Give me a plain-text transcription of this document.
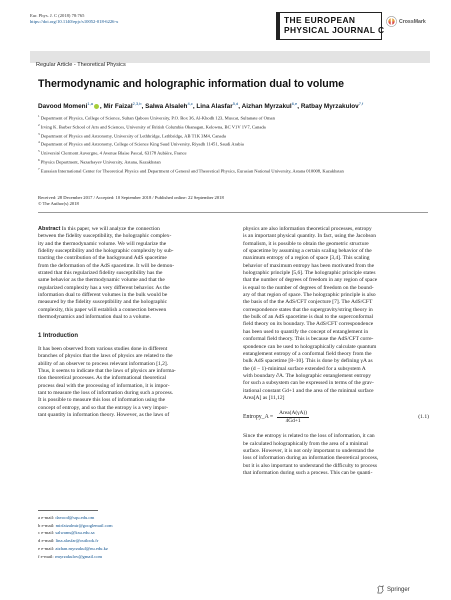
Eur. Phys. J. C (2018) 78:765
https://doi.org/10.1140/epjc/s10052-018-6226-x	THE EUROPEAN
PHYSICAL JOURNAL C
CrossMark
Regular Article - Theoretical Physics
Thermodynamic and holographic information dual to volume
Davood Momeni$^{1,a}$ , Mir Faizal$^{2,3,b}$, Salwa Alsaleh$^{4,c}$, Lina Alasfar$^{5,d}$, Aizhan Myrzakul$^{6,e}$, Ratbay Myrzakulov$^{7,f}$
$^1$ Department of Physics, College of Science, Sultan Qaboos University, P.O. Box 36, Al-Khodh 123, Muscat, Sultanate of Oman
$^2$ Irving K. Barber School of Arts and Sciences, University of British Columbia Okanagan, Kelowna, BC V1V 1V7, Canada
$^3$ Department of Physics and Astronomy, University of Lethbridge, Lethbridge, AB T1K 3M4, Canada
$^4$ Department of Physics and Astronomy, College of Science King Saud University, Riyadh 11451, Saudi Arabia
$^5$ Université Clermont Auvergne, 4 Avenue Blaise Pascal, 63178 Aubière, France
$^6$ Physics Department, Nazarbayev University, Astana, Kazakhstan
$^7$ Eurasian International Center for Theoretical Physics and Department of General and Theoretical Physics, Eurasian National University, Astana 010008, Kazakhstan
Received: 28 December 2017 / Accepted: 10 September 2018 / Published online: 22 September 2018
© The Author(s) 2018
Abstract In this paper, we will analyze the connection
between the fidelity susceptibility, the holographic complex-
ity and the thermodynamic volume. We will regularize the
fidelity susceptibility and the holographic complexity by sub-
tracting the contribution of the background AdS spacetime
from the deformation of the AdS spacetime. It will be demon-
strated that this regularized fidelity susceptibility has the
same behavior as the thermodynamic volume and that the
regularized complexity has a very different behavior. As the
information dual to different volumes in the bulk would be
measured by the fidelity susceptibility and the holographic
complexity, this paper will establish a connection between
thermodynamics and information dual to a volume.
1 Introduction
It has been observed from various studies done in different
branches of physics that the laws of physics are related to the
ability of an observer to process relevant information [1,2].
Thus, it seems to indicate that the laws of physics are informa-
tion theoretical processes. As the informational theoretical
process deal with the processing of information, it is impor-
tant to measure the loss of information during such a process.
It is possible to measure this loss of information using the
concept of entropy, and so that the entropy is a very impor-
tant quantity in information theory. However, as the laws of
physics are also information theoretical processes, entropy
is an important physical quantity. In fact, using the Jacobson
formalism, it is possible to obtain the geometric structure
of spacetime by assuming a certain scaling behavior of the
maximum entropy of a region of space [3,4]. This scaling
behavior of maximum entropy has been motivated from the
holographic principle [5,6]. The holographic principle states
that the number of degrees of freedom in any region of space
is equal to the number of degrees of freedom on the bound-
ary of that region of space. The holographic principle is also
the basis of the the AdS/CFT conjecture [7]. The AdS/CFT
correspondence states that the supergravity/string theory in
the bulk of an AdS spacetime is dual to the superconformal
field theory on its boundary. The AdS/CFT correspondence
has been used to quantify the concept of entanglement in
conformal field theory. This is because the AdS/CFT corre-
spondence can be used to holographically calculate quantum
entanglement entropy of a conformal field theory from the
bulk AdS spacetime [8–10]. This is done by defining γA as
the (d − 1)-minimal surface extended for a subsystem A
with boundary ∂A. The holographic entanglement entropy
for such a subsystem can be expressed in terms of the grav-
itational constant Gd+1 and the area of the minimal surface
Area[A] as [11,12]
Entropy_A = $\frac{\text{Area(A(γA))}}{4Gd+1}$	(1.1)
Since the entropy is related to the loss of information, it can
be calculated holographically from the area of a minimal
surface. However, it is not only important to understand the
loss of information during an information theoretical process,
but it is also important to understand the difficulty to process
that information during such a process. This can be quanti-
a e-mail: davood@squ.edu.om
b e-mail: mirfaizalmir@googlemail.com
c e-mail: salwams@ksu.edu.sa
d e-mail: lina.alasfar@outlook.fr
e e-mail: aizhan.myrzakul@nu.edu.kz
f e-mail: rmyrzakulov@gmail.com
Springer
